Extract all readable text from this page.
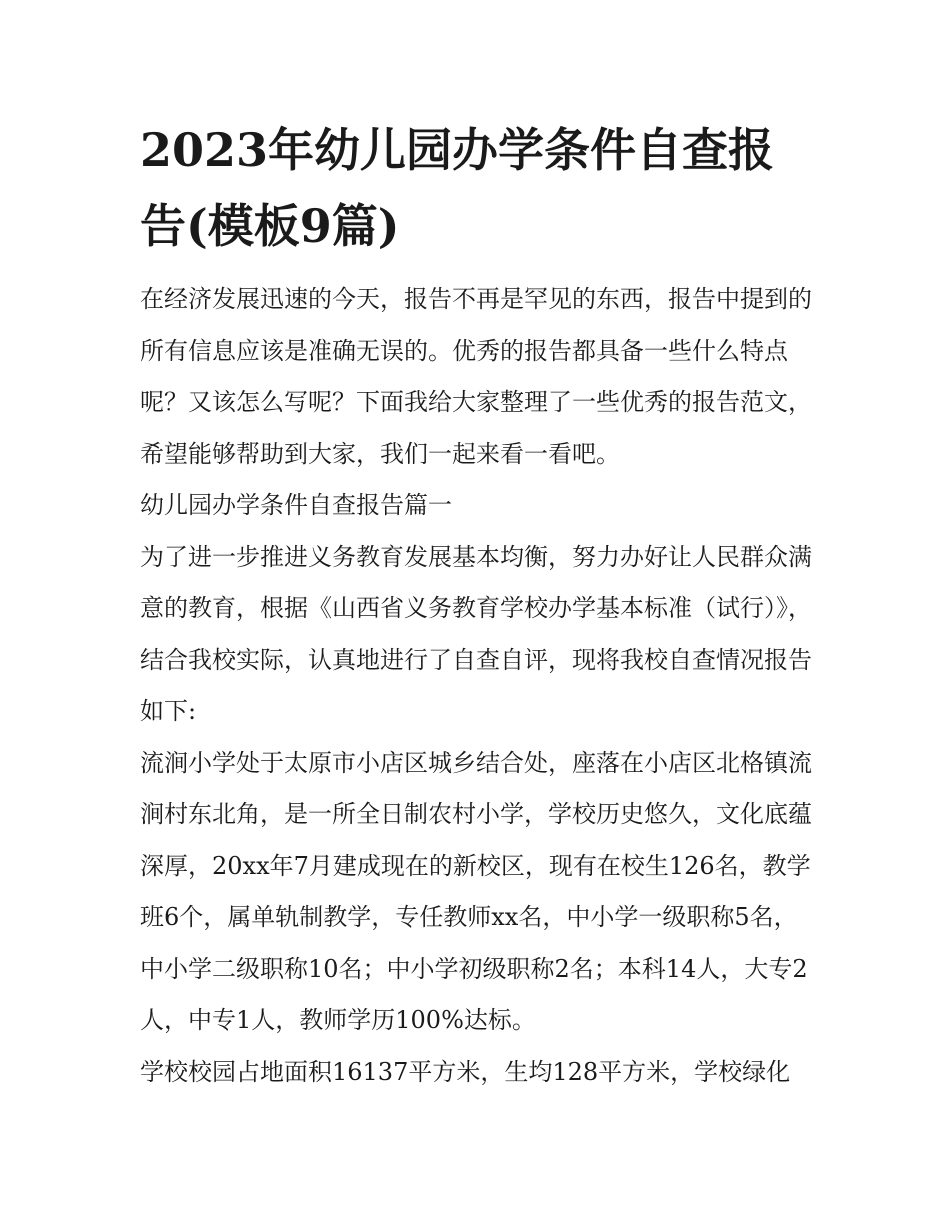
2023年幼儿园办学条件自查报告(模板9篇)

在经济发展迅速的今天，报告不再是罕见的东西，报告中提到的所有信息应该是准确无误的。优秀的报告都具备一些什么特点呢？又该怎么写呢？下面我给大家整理了一些优秀的报告范文，希望能够帮助到大家，我们一起来看一看吧。

幼儿园办学条件自查报告篇一

为了进一步推进义务教育发展基本均衡，努力办好让人民群众满意的教育，根据《山西省义务教育学校办学基本标准（试行）》，结合我校实际，认真地进行了自查自评，现将我校自查情况报告如下:

流涧小学处于太原市小店区城乡结合处，座落在小店区北格镇流涧村东北角，是一所全日制农村小学，学校历史悠久，文化底蕴深厚，20xx年7月建成现在的新校区，现有在校生126名，教学班6个，属单轨制教学，专任教师xx名，中小学一级职称5名，中小学二级职称10名；中小学初级职称2名；本科14人，大专2人，中专1人，教师学历100%达标。

学校校园占地面积16137平方米，生均128平方米，学校绿化
